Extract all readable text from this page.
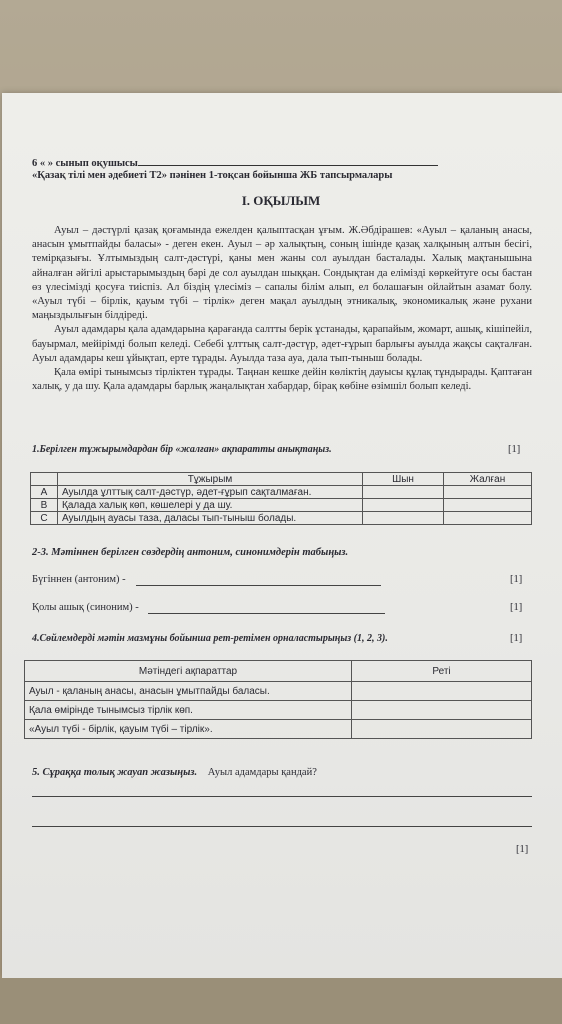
6 « » сынып оқушысы
«Қазақ тілі мен әдебиеті Т2» пәнінен 1-тоқсан бойынша ЖБ тапсырмалары
I. ОҚЫЛЫМ

Ауыл – дәстүрлі қазақ қоғамында ежелден қалыптасқан ұғым. Ж.Әбдірашев: «Ауыл – қаланың анасы, анасын ұмытпайды баласы» - деген екен. Ауыл – әр халықтың, соның ішінде қазақ халқының алтын бесігі, темірқазығы. Ұлтымыздың салт-дәстүрі, қаны мен жаны сол ауылдан басталады. Халық мақтанышына айналған әйгілі арыстарымыздың бәрі де сол ауылдан шыққан. Сондықтан да елімізді көркейтуге осы бастан өз үлесімізді қосуға тиіспіз. Ал біздің үлесіміз – сапалы білім алып, ел болашағын ойлайтын азамат болу. «Ауыл түбі – бірлік, қауым түбі – тірлік» деген мақал ауылдың этникалық, экономикалық және рухани маңыздылығын білдіреді.

Ауыл адамдары қала адамдарына қарағанда салтты берік ұстанады, қарапайым, жомарт, ашық, кішіпейіл, бауырмал, мейірімді болып келеді. Себебі ұлттық салт-дәстүр, әдет-ғұрып барлығы ауылда жақсы сақталған. Ауыл адамдары кеш ұйықтап, ерте тұрады. Ауылда таза ауа, дала тып-тыныш болады.

Қала өмірі тынымсыз тірліктен тұрады. Таңнан кешке дейін көліктің дауысы құлақ тұндырады. Қаптаған халық, у да шу. Қала адамдары барлық жаңалықтан хабардар, бірақ көбіне өзімшіл болып келеді.

1.Берілген тұжырымдардан бір «жалған» ақпаратты анықтаңыз.	[1]
	Тұжырым	Шын	Жалған
A	Ауылда ұлттық салт-дәстүр, әдет-ғұрып сақталмаған.		
B	Қалада халық көп, көшелері у да шу.		
C	Ауылдың ауасы таза, даласы тып-тыныш болады.		
2-3. Мәтіннен берілген сөздердің антоним, синонимдерін табыңыз.
Бүгіннен (антоним) -	[1]
Қолы ашық (синоним) -	[1]
4.Сөйлемдерді мәтін мазмұны бойынша рет-ретімен орналастырыңыз (1, 2, 3).	[1]
Мәтіндегі ақпараттар	Реті
Ауыл - қаланың анасы, анасын ұмытпайды баласы.	
Қала өмірінде тынымсыз тірлік көп.	
«Ауыл түбі - бірлік, қауым түбі – тірлік».	
5. Сұраққа толық жауап жазыңыз. Ауыл адамдары қандай?
[1]
